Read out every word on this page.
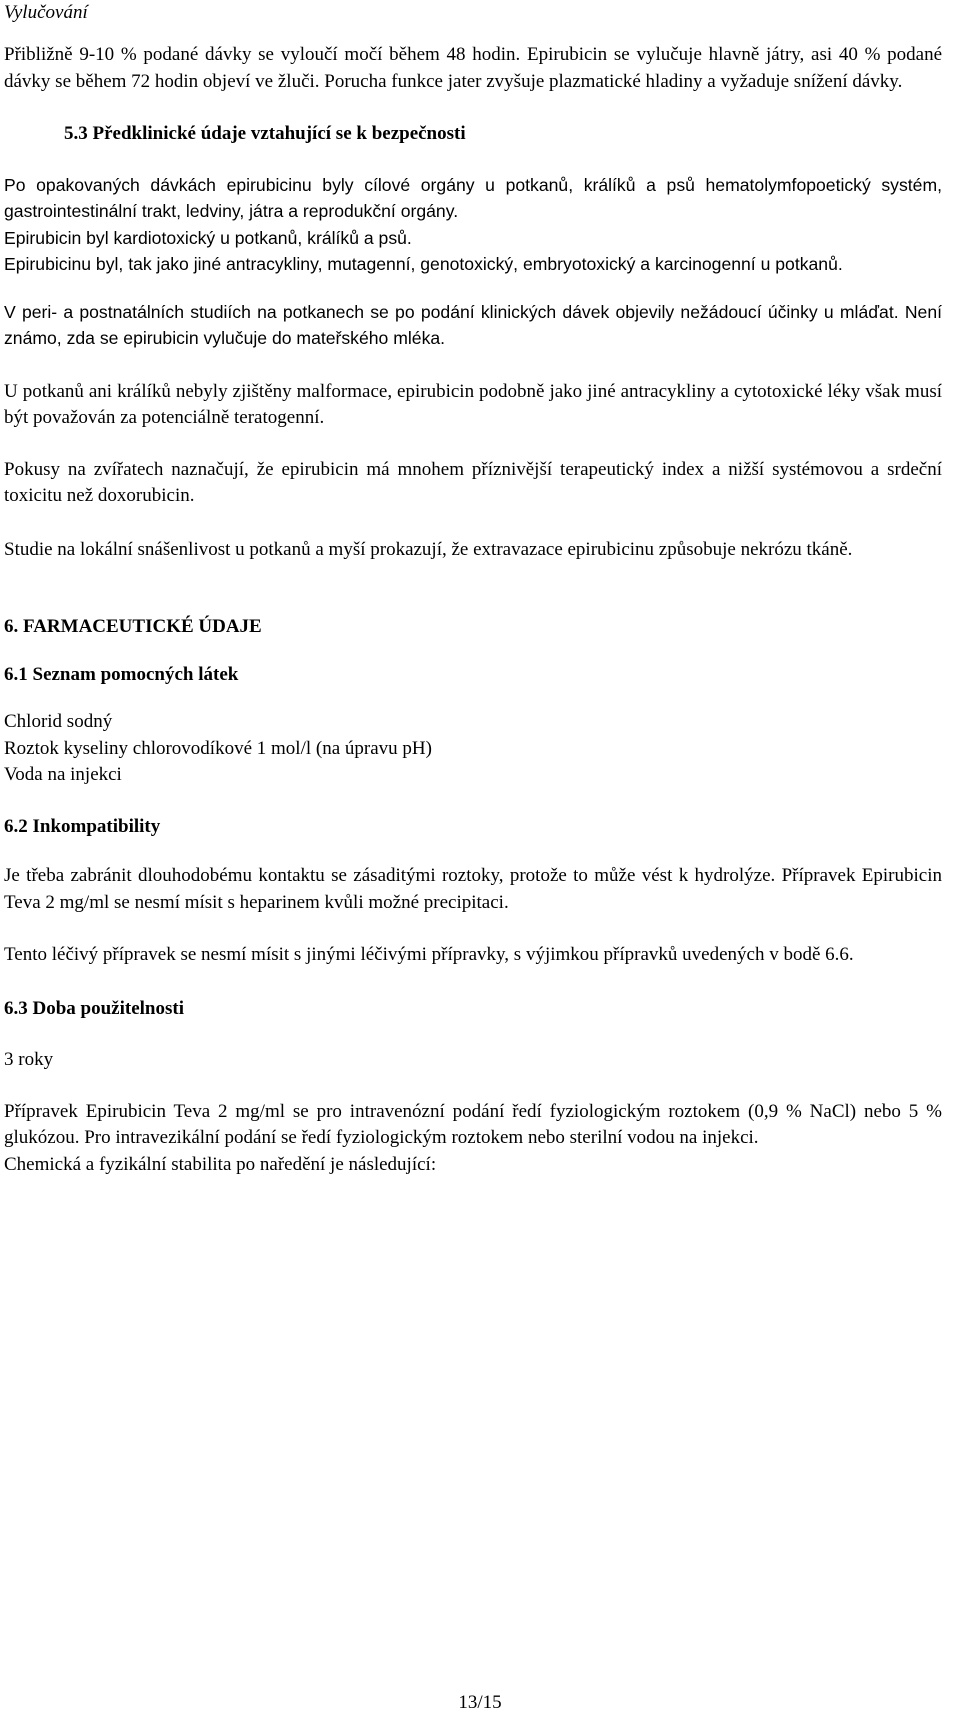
Vylučování

Přibližně 9-10 % podané dávky se vyloučí močí během 48 hodin. Epirubicin se vylučuje hlavně játry, asi 40 % podané dávky se během 72 hodin objeví ve žluči. Porucha funkce jater zvyšuje plazmatické hladiny a vyžaduje snížení dávky.

5.3 Předklinické údaje vztahující se k bezpečnosti

Po opakovaných dávkách epirubicinu byly cílové orgány u potkanů, králíků a psů hematolymfopoetický systém, gastrointestinální trakt, ledviny, játra a reprodukční orgány.

Epirubicin byl kardiotoxický u potkanů, králíků a psů.

Epirubicinu byl, tak jako jiné antracykliny, mutagenní, genotoxický, embryotoxický a karcinogenní u potkanů.

V peri- a postnatálních studiích na potkanech se po podání klinických dávek objevily nežádoucí účinky u mláďat. Není známo, zda se epirubicin vylučuje do mateřského mléka.

U potkanů ani králíků nebyly zjištěny malformace, epirubicin podobně jako jiné antracykliny a cytotoxické léky však musí být považován za potenciálně teratogenní.

Pokusy na zvířatech naznačují, že epirubicin má mnohem příznivější terapeutický index a nižší systémovou a srdeční toxicitu než doxorubicin.

Studie na lokální snášenlivost u potkanů a myší prokazují, že extravazace epirubicinu způsobuje nekrózu tkáně.

6. FARMACEUTICKÉ ÚDAJE

6.1 Seznam pomocných látek

Chlorid sodný

Roztok kyseliny chlorovodíkové 1 mol/l (na úpravu pH)

Voda na injekci

6.2 Inkompatibility

Je třeba zabránit dlouhodobému kontaktu se zásaditými roztoky, protože to může vést k hydrolýze. Přípravek Epirubicin Teva 2 mg/ml se nesmí mísit s heparinem kvůli možné precipitaci.

Tento léčivý přípravek se nesmí mísit s jinými léčivými přípravky, s výjimkou přípravků uvedených v bodě 6.6.

6.3 Doba použitelnosti

3 roky

Přípravek Epirubicin Teva 2 mg/ml se pro intravenózní podání ředí fyziologickým roztokem (0,9 % NaCl) nebo 5 % glukózou. Pro intravezikální podání se ředí fyziologickým roztokem nebo sterilní vodou na injekci.

Chemická a fyzikální stabilita po naředění je následující:

13/15
